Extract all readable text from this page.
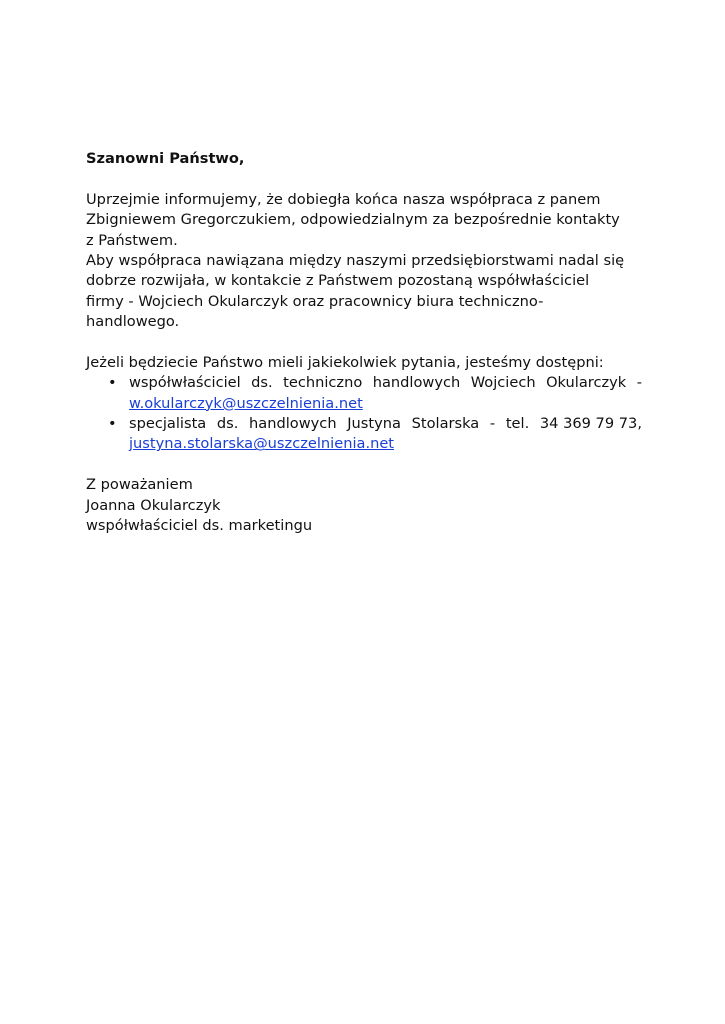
Szanowni Państwo,
Uprzejmie informujemy, że dobiegła końca nasza współpraca z panem
Zbigniewem Gregorczukiem, odpowiedzialnym za bezpośrednie kontakty
z Państwem.
Aby współpraca nawiązana między naszymi przedsiębiorstwami nadal się
dobrze rozwijała, w kontakcie z Państwem pozostaną współwłaściciel
firmy - Wojciech Okularczyk oraz pracownicy biura techniczno-
handlowego.
Jeżeli będziecie Państwo mieli jakiekolwiek pytania, jesteśmy dostępni:
• współwłaściciel ds. techniczno handlowych Wojciech Okularczyk -
w.okularczyk@uszczelnienia.net
• specjalista ds. handlowych Justyna Stolarska - tel. 34 369 79 73,
justyna.stolarska@uszczelnienia.net
Z poważaniem
Joanna Okularczyk
współwłaściciel ds. marketingu
